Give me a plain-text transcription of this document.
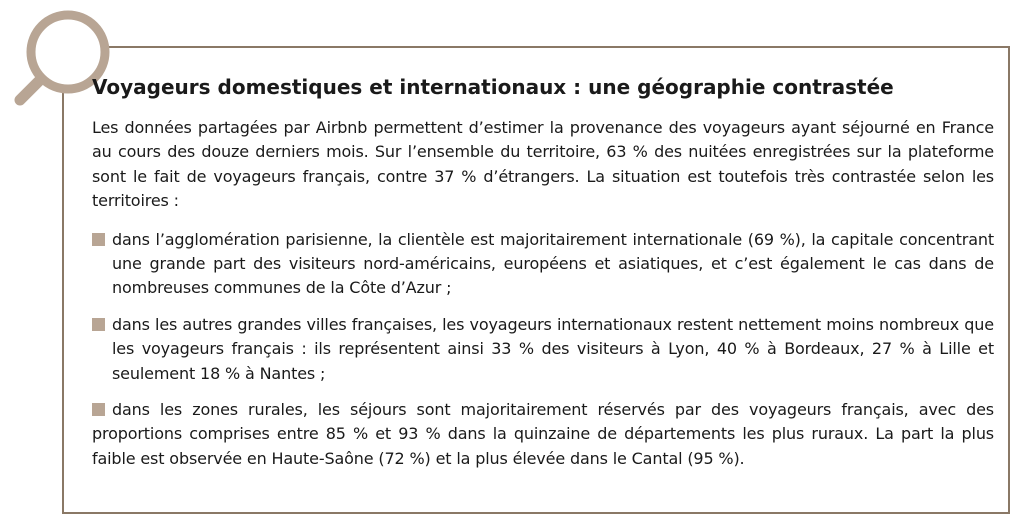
Voyageurs domestiques et internationaux : une géographie contrastée

Les données partagées par Airbnb permettent d’estimer la provenance des voyageurs ayant séjourné en France au cours des douze derniers mois. Sur l’ensemble du territoire, 63 % des nuitées enregistrées sur la plateforme sont le fait de voyageurs français, contre 37 % d’étrangers. La situation est toutefois très contrastée selon les territoires :

dans l’agglomération parisienne, la clientèle est majoritairement internationale (69 %), la capitale concentrant une grande part des visiteurs nord-américains, européens et asiatiques, et c’est également le cas dans de nombreuses communes de la Côte d’Azur ;
dans les autres grandes villes françaises, les voyageurs internationaux restent nettement moins nombreux que les voyageurs français : ils représentent ainsi 33 % des visiteurs à Lyon, 40 % à Bordeaux, 27 % à Lille et seulement 18 % à Nantes ;
dans les zones rurales, les séjours sont majoritairement réservés par des voyageurs français, avec des proportions comprises entre 85 % et 93 % dans la quinzaine de départements les plus ruraux. La part la plus faible est observée en Haute-Saône (72 %) et la plus élevée dans le Cantal (95 %).
